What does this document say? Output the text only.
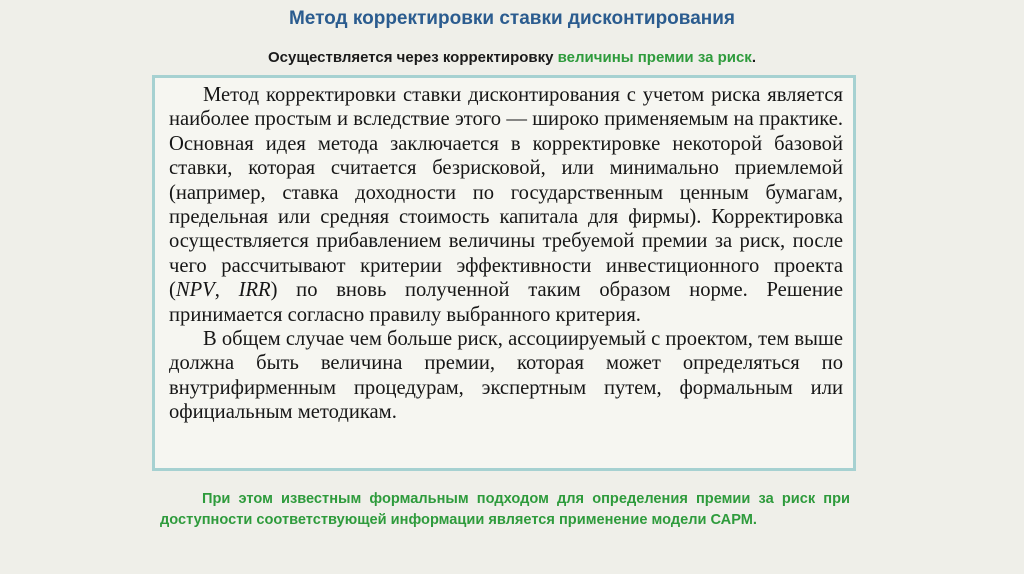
Метод корректировки ставки дисконтирования
Осуществляется через корректировку величины премии за риск.

Метод корректировки ставки дисконтирования с учетом риска является наиболее простым и вследствие этого — широко применяемым на практике. Основная идея метода заключается в корректировке некоторой базовой ставки, которая считается безрисковой, или минимально приемлемой (например, ставка доходности по государственным ценным бумагам, предельная или средняя стоимость капитала для фирмы). Корректировка осуществляется прибавлением величины требуемой премии за риск, после чего рассчитывают критерии эффективности инвестиционного проекта (NPV, IRR) по вновь полученной таким образом норме. Решение принимается согласно правилу выбранного критерия.

В общем случае чем больше риск, ассоциируемый с проектом, тем выше должна быть величина премии, которая может определяться по внутрифирменным процедурам, экспертным путем, формальным или официальным методикам.

При этом известным формальным подходом для определения премии за риск при доступности соответствующей информации является применение модели САРМ.
